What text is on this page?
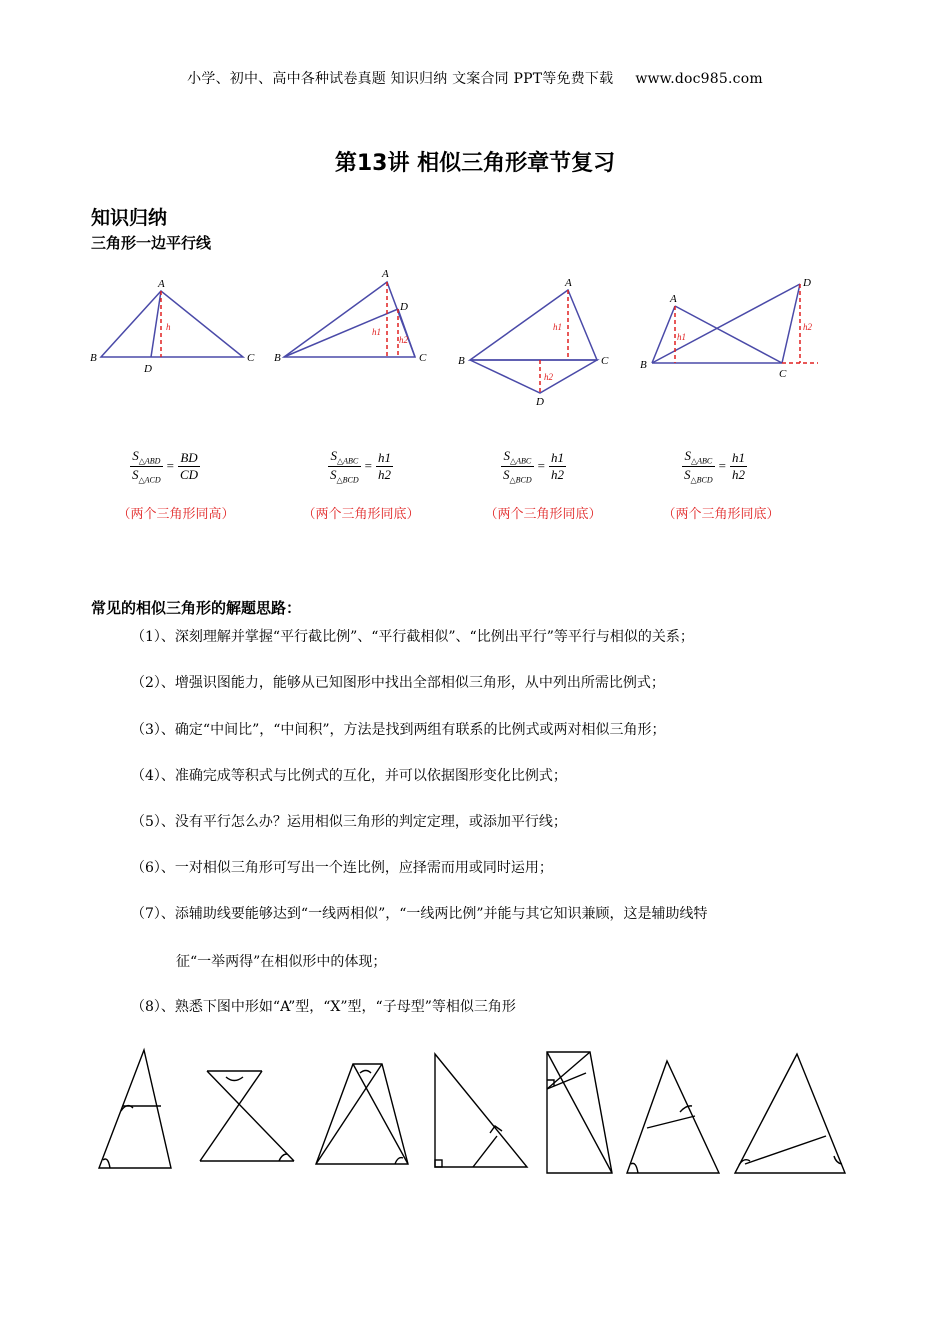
小学、初中、高中各种试卷真题 知识归纳 文案合同 PPT等免费下载 www.doc985.com
第13讲 相似三角形章节复习
知识归纳
三角形一边平行线
A
B	C
D
h
A
B	C
D
h1
h2
A
B	C
D
h1
h2
A
B
C
D
h1
h2
$\frac{S_{\triangle ABD}}{S_{\triangle ACD}} = \frac{BD}{CD}$	$\frac{S_{\triangle ABC}}{S_{\triangle BCD}} = \frac{h1}{h2}$	$\frac{S_{\triangle ABC}}{S_{\triangle BCD}} = \frac{h1}{h2}$	$\frac{S_{\triangle ABC}}{S_{\triangle BCD}} = \frac{h1}{h2}$
（两个三角形同高）	（两个三角形同底）	（两个三角形同底）	（两个三角形同底）
常见的相似三角形的解题思路：
（1）、深刻理解并掌握“平行截比例”、“平行截相似”、“比例出平行”等平行与相似的关系；
（2）、增强识图能力，能够从已知图形中找出全部相似三角形，从中列出所需比例式；
（3）、确定“中间比”，“中间积”，方法是找到两组有联系的比例式或两对相似三角形；
（4）、准确完成等积式与比例式的互化，并可以依据图形变化比例式；
（5）、没有平行怎么办？运用相似三角形的判定定理，或添加平行线；
（6）、一对相似三角形可写出一个连比例，应择需而用或同时运用；
（7）、添辅助线要能够达到“一线两相似”，“一线两比例”并能与其它知识兼顾，这是辅助线特
征“一举两得”在相似形中的体现；
（8）、熟悉下图中形如“A”型，“X”型，“子母型”等相似三角形
